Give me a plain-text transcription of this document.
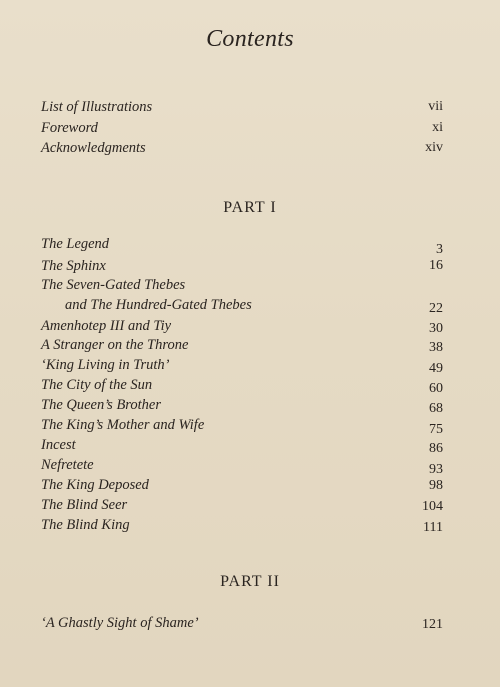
Contents
List of Illustrations	vii
Foreword	xi
Acknowledgments	xiv
PART I
The Legend	3
The Sphinx	16
The Seven-Gated Thebes
and The Hundred-Gated Thebes	22
Amenhotep III and Tiy	30
A Stranger on the Throne	38
‘King Living in Truth’	49
The City of the Sun	60
The Queen’s Brother	68
The King’s Mother and Wife	75
Incest	86
Nefretete	93
The King Deposed	98
The Blind Seer	104
The Blind King	111
PART II
‘A Ghastly Sight of Shame’	121
